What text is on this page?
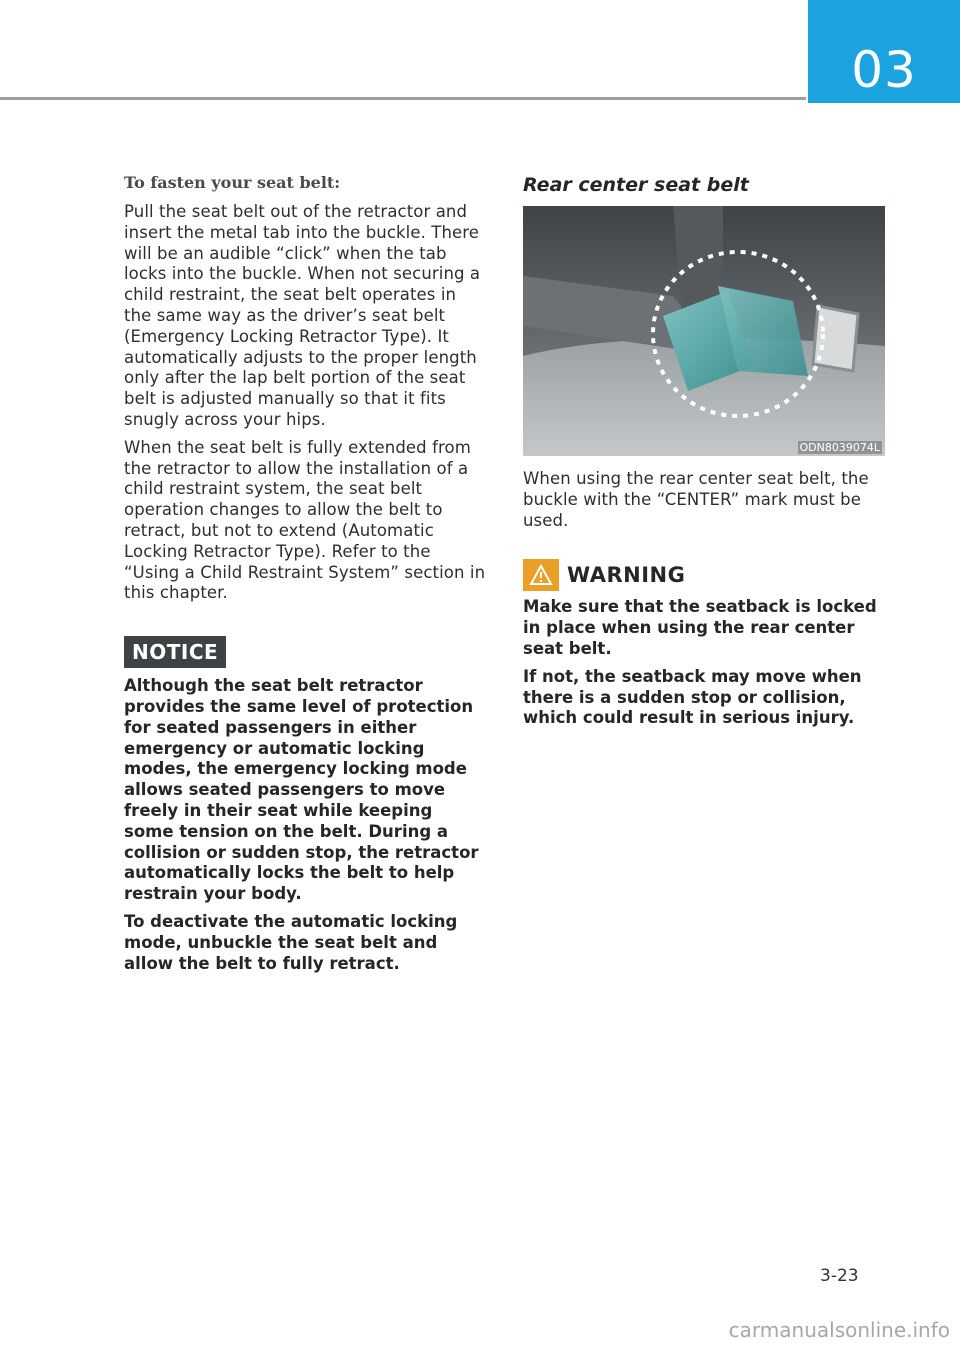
03

To fasten your seat belt:

Pull the seat belt out of the retractor and insert the metal tab into the buckle. There will be an audible “click” when the tab locks into the buckle. When not securing a child restraint, the seat belt operates in the same way as the driver’s seat belt (Emergency Locking Retractor Type). It automatically adjusts to the proper length only after the lap belt portion of the seat belt is adjusted manually so that it fits snugly across your hips.

When the seat belt is fully extended from the retractor to allow the installation of a child restraint system, the seat belt operation changes to allow the belt to retract, but not to extend (Automatic Locking Retractor Type). Refer to the “Using a Child Restraint System” section in this chapter.

NOTICE

Although the seat belt retractor provides the same level of protection for seated passengers in either emergency or automatic locking modes, the emergency locking mode allows seated passengers to move freely in their seat while keeping some tension on the belt. During a collision or sudden stop, the retractor automatically locks the belt to help restrain your body.

To deactivate the automatic locking mode, unbuckle the seat belt and allow the belt to fully retract.

Rear center seat belt
ODN8039074L

When using the rear center seat belt, the buckle with the “CENTER” mark must be used.

WARNING

Make sure that the seatback is locked in place when using the rear center seat belt.

If not, the seatback may move when there is a sudden stop or collision, which could result in serious injury.

3-23
carmanualsonline.info
